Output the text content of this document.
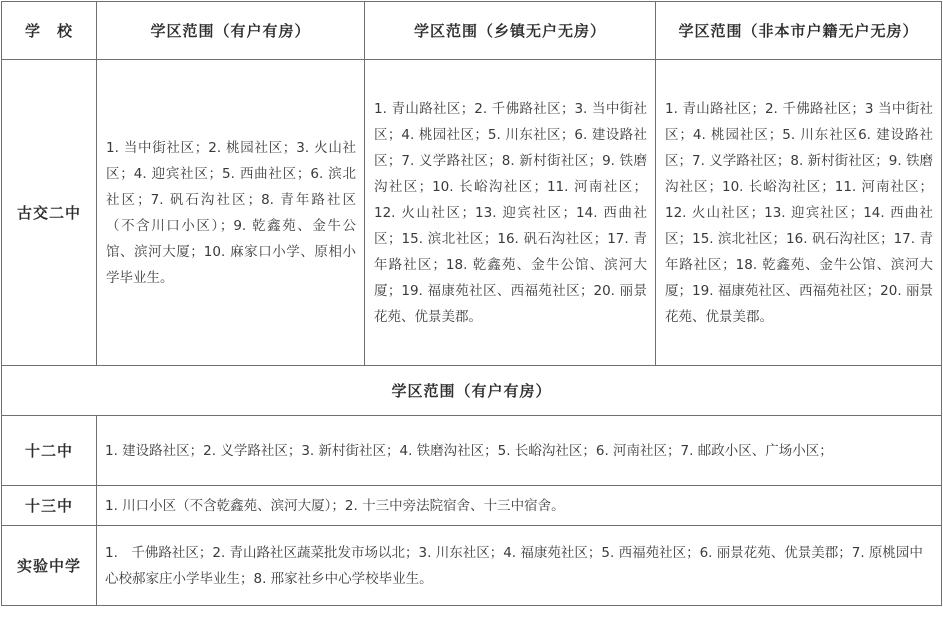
学　校	学区范围（有户有房）	学区范围（乡镇无户无房）	学区范围（非本市户籍无户无房）
古交二中	1. 当中街社区；2. 桃园社区；3. 火山社区；4. 迎宾社区；5. 西曲社区；6. 滨北社区；7. 矾石沟社区；8. 青年路社区（不含川口小区）；9. 乾鑫苑、金牛公馆、滨河大厦；10. 麻家口小学、原相小学毕业生。	1. 青山路社区；2. 千佛路社区；3. 当中街社区；4. 桃园社区；5. 川东社区；6. 建设路社区；7. 义学路社区；8. 新村街社区；9. 铁磨沟社区；10. 长峪沟社区；11. 河南社区；12. 火山社区；13. 迎宾社区；14. 西曲社区；15. 滨北社区；16. 矾石沟社区；17. 青年路社区；18. 乾鑫苑、金牛公馆、滨河大厦；19. 福康苑社区、西福苑社区；20. 丽景花苑、优景美郡。	1. 青山路社区；2. 千佛路社区；3 当中街社区；4. 桃园社区；5. 川东社区6. 建设路社区；7. 义学路社区；8. 新村街社区；9. 铁磨沟社区；10. 长峪沟社区；11. 河南社区；12. 火山社区；13. 迎宾社区；14. 西曲社区；15. 滨北社区；16. 矾石沟社区；17. 青年路社区；18. 乾鑫苑、金牛公馆、滨河大厦；19. 福康苑社区、西福苑社区；20. 丽景花苑、优景美郡。

学区范围（有户有房）			
十二中	1. 建设路社区；2. 义学路社区；3. 新村街社区；4. 铁磨沟社区；5. 长峪沟社区；6. 河南社区；7. 邮政小区、广场小区；		

十三中	1. 川口小区（不含乾鑫苑、滨河大厦）；2. 十三中旁法院宿舍、十三中宿舍。		

实验中学	1.　千佛路社区；2. 青山路社区蔬菜批发市场以北；3. 川东社区；4. 福康苑社区；5. 西福苑社区；6. 丽景花苑、优景美郡；7. 原桃园中心校郝家庄小学毕业生；8. 邢家社乡中心学校毕业生。		
